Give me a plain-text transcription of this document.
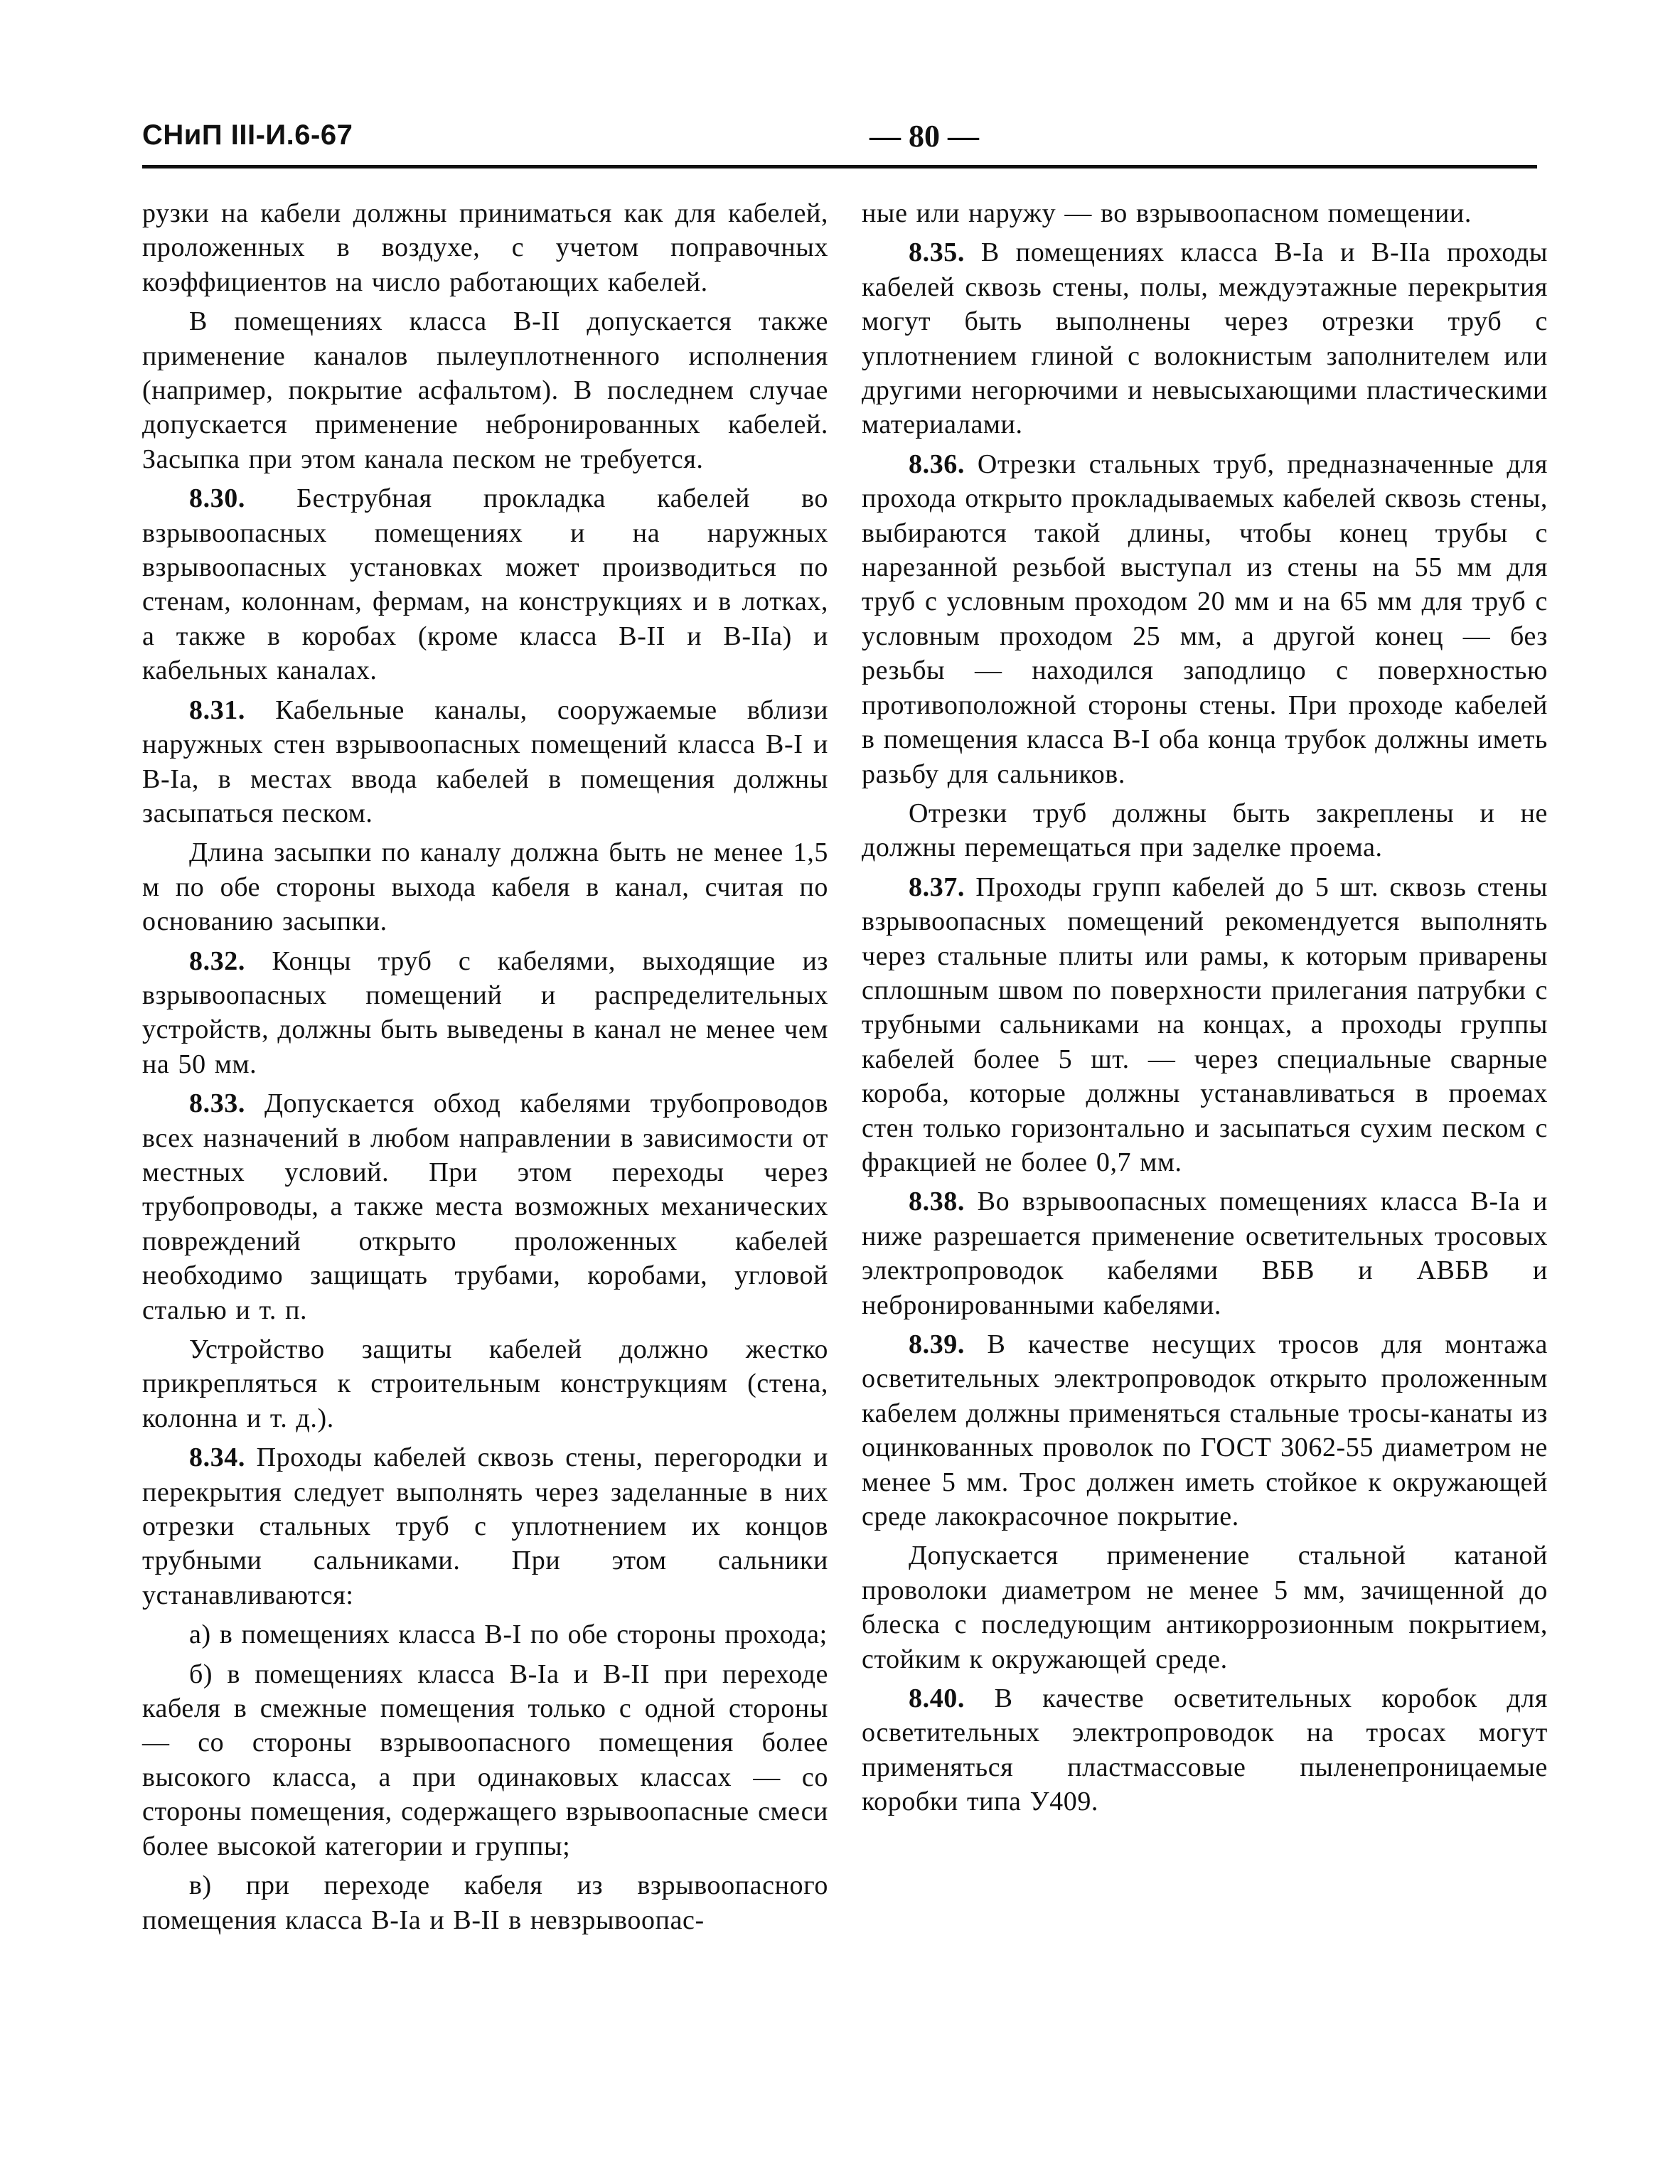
СНиП III-И.6-67	— 80 —

рузки на кабели должны приниматься как для кабелей, проложенных в воздухе, с учетом поправочных коэффициентов на число работающих кабелей.

В помещениях класса В-II допускается также применение каналов пылеуплотненного исполнения (например, покрытие асфальтом). В последнем случае допускается применение небронированных кабелей. Засыпка при этом канала песком не требуется.

8.30. Беструбная прокладка кабелей во взрывоопасных помещениях и на наружных взрывоопасных установках может производиться по стенам, колоннам, фермам, на конструкциях и в лотках, а также в коробах (кроме класса В-II и В-IIа) и кабельных каналах.

8.31. Кабельные каналы, сооружаемые вблизи наружных стен взрывоопасных помещений класса В-I и В-Iа, в местах ввода кабелей в помещения должны засыпаться песком.

Длина засыпки по каналу должна быть не менее 1,5 м по обе стороны выхода кабеля в канал, считая по основанию засыпки.

8.32. Концы труб с кабелями, выходящие из взрывоопасных помещений и распределительных устройств, должны быть выведены в канал не менее чем на 50 мм.

8.33. Допускается обход кабелями трубопроводов всех назначений в любом направлении в зависимости от местных условий. При этом переходы через трубопроводы, а также места возможных механических повреждений открыто проложенных кабелей необходимо защищать трубами, коробами, угловой сталью и т. п.

Устройство защиты кабелей должно жестко прикрепляться к строительным конструкциям (стена, колонна и т. д.).

8.34. Проходы кабелей сквозь стены, перегородки и перекрытия следует выполнять через заделанные в них отрезки стальных труб с уплотнением их концов трубными сальниками. При этом сальники устанавливаются:

а) в помещениях класса В-I по обе стороны прохода;

б) в помещениях класса В-Iа и В-II при переходе кабеля в смежные помещения только с одной стороны — со стороны взрывоопасного помещения более высокого класса, а при одинаковых классах — со стороны помещения, содержащего взрывоопасные смеси более высокой категории и группы;

в) при переходе кабеля из взрывоопасного помещения класса В-Iа и В-II в невзрывоопас-

ные или наружу — во взрывоопасном помещении.

8.35. В помещениях класса В-Iа и В-IIа проходы кабелей сквозь стены, полы, междуэтажные перекрытия могут быть выполнены через отрезки труб с уплотнением глиной с волокнистым заполнителем или другими негорючими и невысыхающими пластическими материалами.

8.36. Отрезки стальных труб, предназначенные для прохода открыто прокладываемых кабелей сквозь стены, выбираются такой длины, чтобы конец трубы с нарезанной резьбой выступал из стены на 55 мм для труб с условным проходом 20 мм и на 65 мм для труб с условным проходом 25 мм, а другой конец — без резьбы — находился заподлицо с поверхностью противоположной стороны стены. При проходе кабелей в помещения класса В-I оба конца трубок должны иметь разьбу для сальников.

Отрезки труб должны быть закреплены и не должны перемещаться при заделке проема.

8.37. Проходы групп кабелей до 5 шт. сквозь стены взрывоопасных помещений рекомендуется выполнять через стальные плиты или рамы, к которым приварены сплошным швом по поверхности прилегания патрубки с трубными сальниками на концах, а проходы группы кабелей более 5 шт. — через специальные сварные короба, которые должны устанавливаться в проемах стен только горизонтально и засыпаться сухим песком с фракцией не более 0,7 мм.

8.38. Во взрывоопасных помещениях класса В-Iа и ниже разрешается применение осветительных тросовых электропроводок кабелями ВБВ и АВБВ и небронированными кабелями.

8.39. В качестве несущих тросов для монтажа осветительных электропроводок открыто проложенным кабелем должны применяться стальные тросы-канаты из оцинкованных проволок по ГОСТ 3062-55 диаметром не менее 5 мм. Трос должен иметь стойкое к окружающей среде лакокрасочное покрытие.

Допускается применение стальной катаной проволоки диаметром не менее 5 мм, зачищенной до блеска с последующим антикоррозионным покрытием, стойким к окружающей среде.

8.40. В качестве осветительных коробок для осветительных электропроводок на тросах могут применяться пластмассовые пыленепроницаемые коробки типа У409.
